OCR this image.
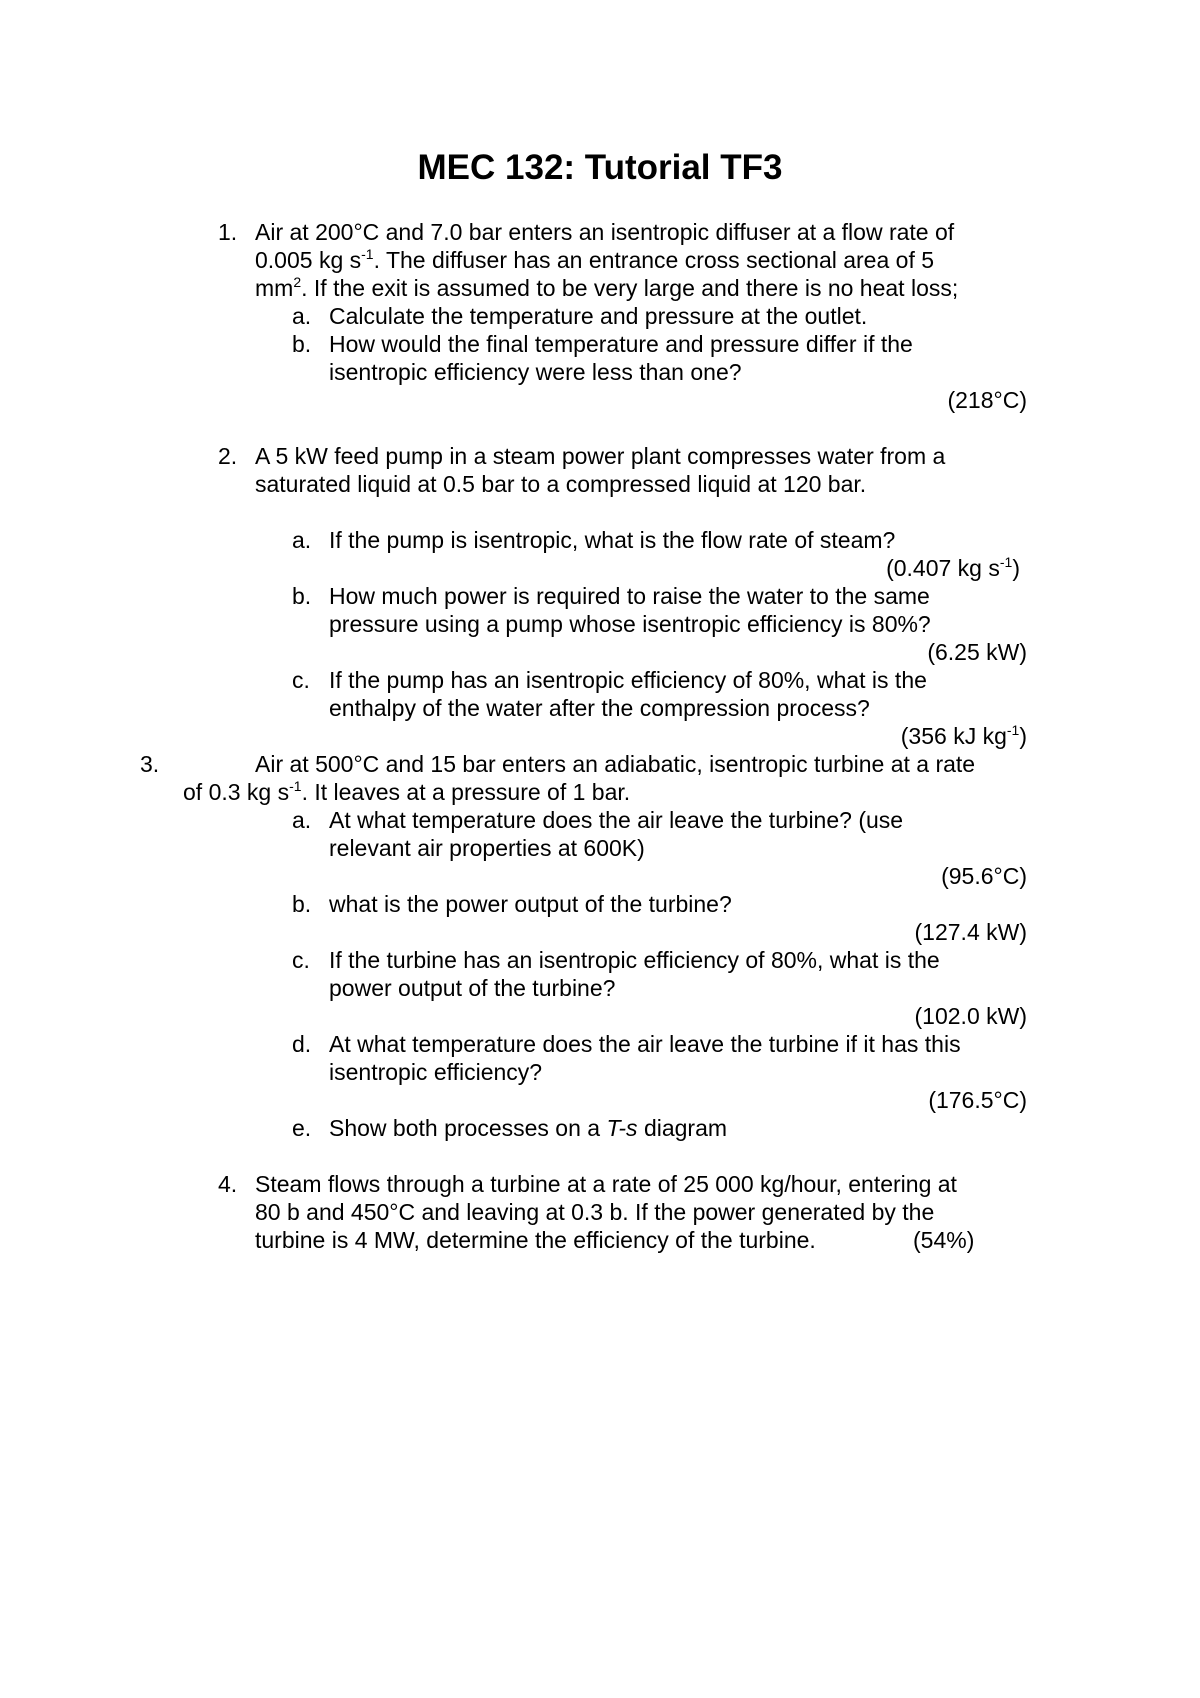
MEC 132: Tutorial TF3
1. Air at 200°C and 7.0 bar enters an isentropic diffuser at a flow rate of
0.005 kg $s^{-1}$. The diffuser has an entrance cross sectional area of 5
$mm^2$. If the exit is assumed to be very large and there is no heat loss;
a. Calculate the temperature and pressure at the outlet.
b. How would the final temperature and pressure differ if the
isentropic efficiency were less than one?
(218°C)
2. A 5 kW feed pump in a steam power plant compresses water from a
saturated liquid at 0.5 bar to a compressed liquid at 120 bar.
a. If the pump is isentropic, what is the flow rate of steam?
(0.407 kg $s^{-1}$)
b. How much power is required to raise the water to the same
pressure using a pump whose isentropic efficiency is 80%?
(6.25 kW)
c. If the pump has an isentropic efficiency of 80%, what is the
enthalpy of the water after the compression process?
(356 kJ $kg^{-1}$)
3.	Air at 500°C and 15 bar enters an adiabatic, isentropic turbine at a rate
of 0.3 kg $s^{-1}$. It leaves at a pressure of 1 bar.
a. At what temperature does the air leave the turbine? (use
relevant air properties at 600K)
(95.6°C)
b. what is the power output of the turbine?
(127.4 kW)
c. If the turbine has an isentropic efficiency of 80%, what is the
power output of the turbine?
(102.0 kW)
d. At what temperature does the air leave the turbine if it has this
isentropic efficiency?
(176.5°C)
e. Show both processes on a T-s diagram
4. Steam flows through a turbine at a rate of 25 000 kg/hour, entering at
80 b and 450°C and leaving at 0.3 b. If the power generated by the
turbine is 4 MW, determine the efficiency of the turbine.	(54%)
